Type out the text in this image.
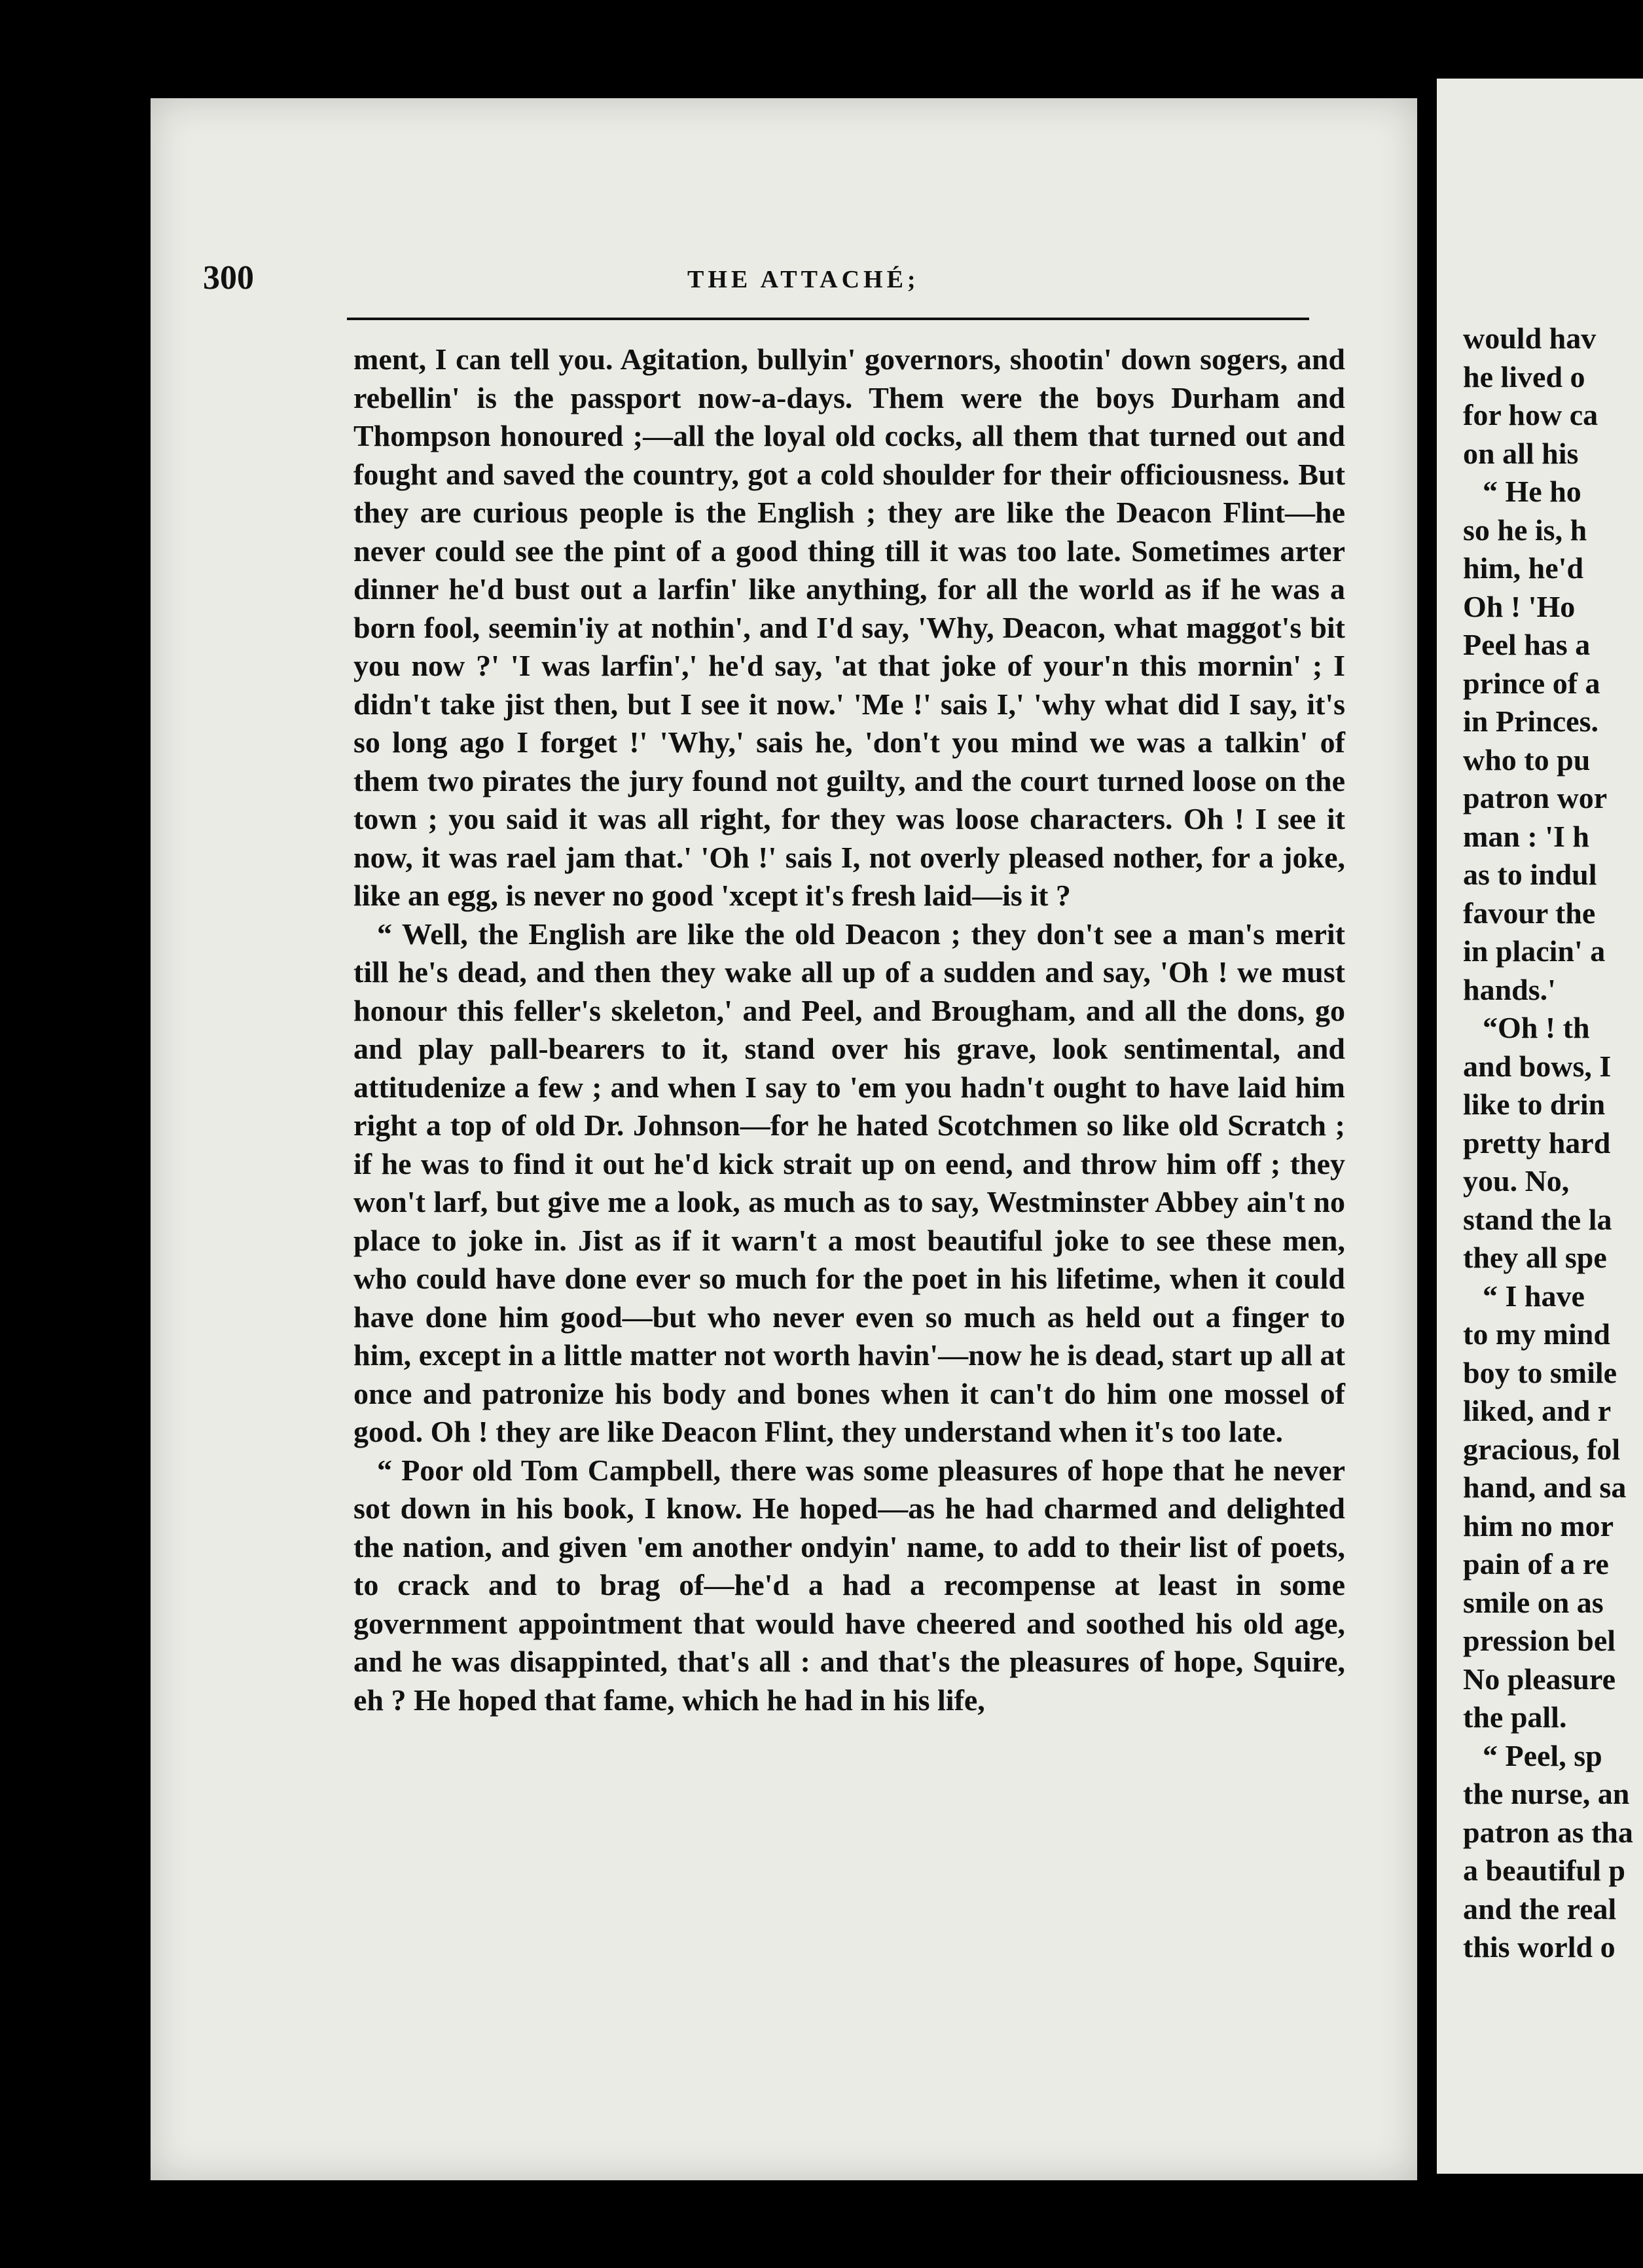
would hav
he lived o
for how ca
on all his
“ He ho
so he is, h
him, he'd
Oh ! 'Ho
Peel has a
prince of a
in Princes.
who to pu
patron wor
man : 'I h
as to indul
favour the
in placin' a
hands.'
“Oh ! th
and bows, I
like to drin
pretty hard
you. No,
stand the la
they all spe
“ I have
to my mind
boy to smile
liked, and r
gracious, fol
hand, and sa
him no mor
pain of a re
smile on as
pression bel
No pleasure
the pall.
“ Peel, sp
the nurse, an
patron as tha
a beautiful p
and the real
this world o
300	THE ATTACHÉ;

ment, I can tell you. Agitation, bullyin' governors, shootin' down sogers, and rebellin' is the passport now-a-days. Them were the boys Durham and Thompson honoured ;—all the loyal old cocks, all them that turned out and fought and saved the country, got a cold shoulder for their officiousness. But they are curious people is the English ; they are like the Deacon Flint—he never could see the pint of a good thing till it was too late. Sometimes arter dinner he'd bust out a larfin' like anything, for all the world as if he was a born fool, seemin'iy at nothin', and I'd say, 'Why, Deacon, what maggot's bit you now ?' 'I was larfin',' he'd say, 'at that joke of your'n this mornin' ; I didn't take jist then, but I see it now.' 'Me !' sais I,' 'why what did I say, it's so long ago I forget !' 'Why,' sais he, 'don't you mind we was a talkin' of them two pirates the jury found not guilty, and the court turned loose on the town ; you said it was all right, for they was loose characters. Oh ! I see it now, it was rael jam that.' 'Oh !' sais I, not overly pleased nother, for a joke, like an egg, is never no good 'xcept it's fresh laid—is it ?

“ Well, the English are like the old Deacon ; they don't see a man's merit till he's dead, and then they wake all up of a sudden and say, 'Oh ! we must honour this feller's skeleton,' and Peel, and Brougham, and all the dons, go and play pall-bearers to it, stand over his grave, look sentimental, and attitudenize a few ; and when I say to 'em you hadn't ought to have laid him right a top of old Dr. Johnson—for he hated Scotchmen so like old Scratch ; if he was to find it out he'd kick strait up on eend, and throw him off ; they won't larf, but give me a look, as much as to say, Westminster Abbey ain't no place to joke in. Jist as if it warn't a most beautiful joke to see these men, who could have done ever so much for the poet in his lifetime, when it could have done him good—but who never even so much as held out a finger to him, except in a little matter not worth havin'—now he is dead, start up all at once and patronize his body and bones when it can't do him one mossel of good. Oh ! they are like Deacon Flint, they understand when it's too late.

“ Poor old Tom Campbell, there was some pleasures of hope that he never sot down in his book, I know. He hoped—as he had charmed and delighted the nation, and given 'em another ondyin' name, to add to their list of poets, to crack and to brag of—he'd a had a recompense at least in some government appointment that would have cheered and soothed his old age, and he was disappinted, that's all : and that's the pleasures of hope, Squire, eh ? He hoped that fame, which he had in his life,
